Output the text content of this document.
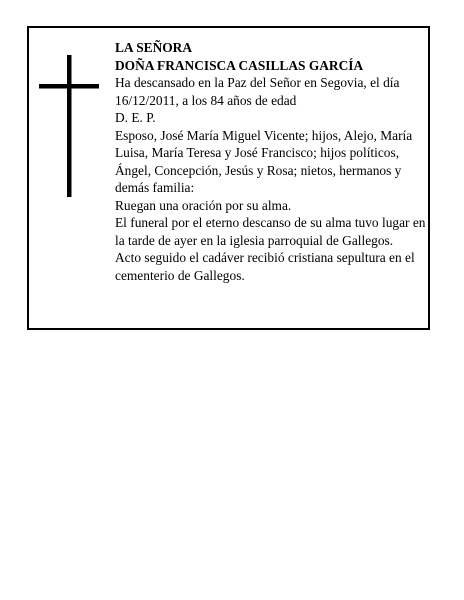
LA SEÑORA

DOÑA FRANCISCA CASILLAS GARCÍA

Ha descansado en la Paz del Señor en Segovia, el día 16/12/2011, a los 84 años de edad

D. E. P.

Esposo, José María Miguel Vicente; hijos, Alejo, María Luisa, María Teresa y José Francisco; hijos políticos, Ángel, Concepción, Jesús y Rosa; nietos, hermanos y demás familia:

Ruegan una oración por su alma.

El funeral por el eterno descanso de su alma tuvo lugar en la tarde de ayer en la iglesia parroquial de Gallegos.

Acto seguido el cadáver recibió cristiana sepultura en el cementerio de Gallegos.
